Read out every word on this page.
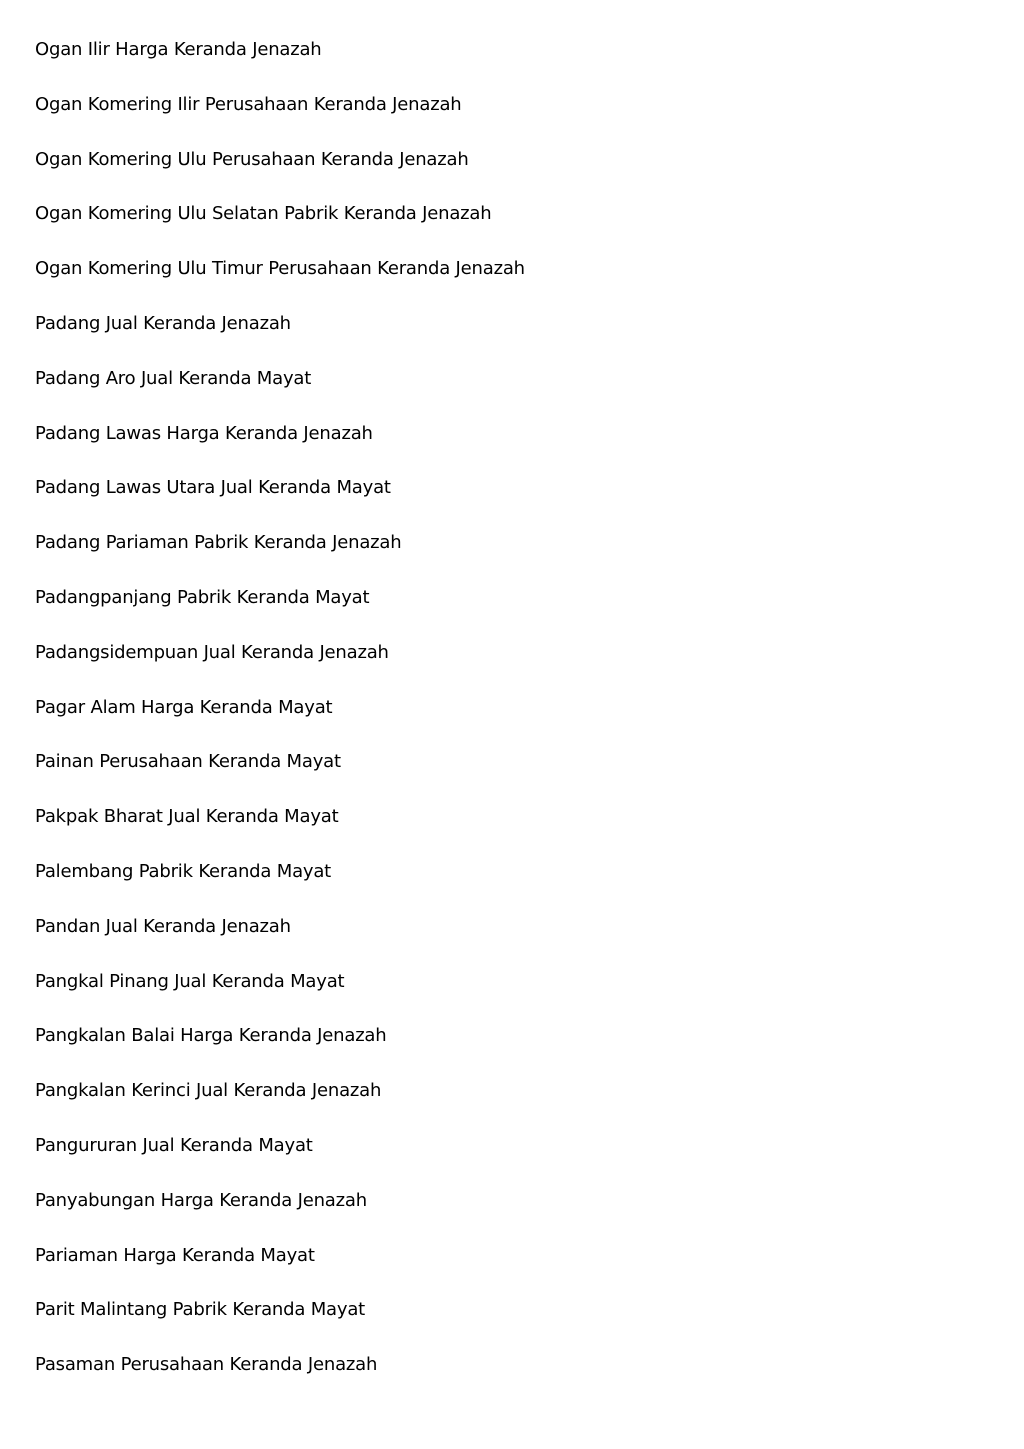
Ogan Ilir Harga Keranda Jenazah
Ogan Komering Ilir Perusahaan Keranda Jenazah
Ogan Komering Ulu Perusahaan Keranda Jenazah
Ogan Komering Ulu Selatan Pabrik Keranda Jenazah
Ogan Komering Ulu Timur Perusahaan Keranda Jenazah
Padang Jual Keranda Jenazah
Padang Aro Jual Keranda Mayat
Padang Lawas Harga Keranda Jenazah
Padang Lawas Utara Jual Keranda Mayat
Padang Pariaman Pabrik Keranda Jenazah
Padangpanjang Pabrik Keranda Mayat
Padangsidempuan Jual Keranda Jenazah
Pagar Alam Harga Keranda Mayat
Painan Perusahaan Keranda Mayat
Pakpak Bharat Jual Keranda Mayat
Palembang Pabrik Keranda Mayat
Pandan Jual Keranda Jenazah
Pangkal Pinang Jual Keranda Mayat
Pangkalan Balai Harga Keranda Jenazah
Pangkalan Kerinci Jual Keranda Jenazah
Pangururan Jual Keranda Mayat
Panyabungan Harga Keranda Jenazah
Pariaman Harga Keranda Mayat
Parit Malintang Pabrik Keranda Mayat
Pasaman Perusahaan Keranda Jenazah
